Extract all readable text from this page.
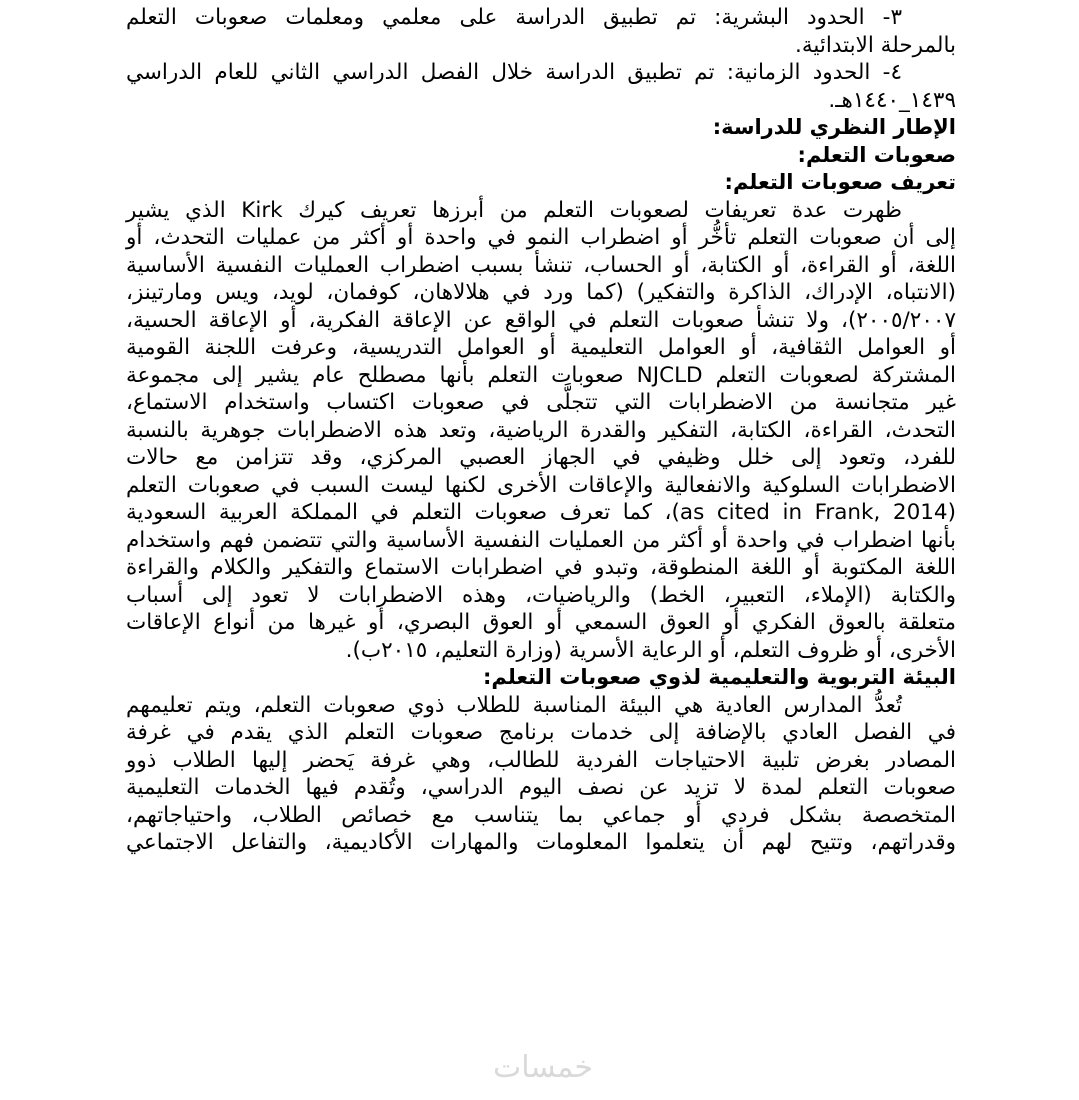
٣- الحدود البشرية: تم تطبيق الدراسة على معلمي ومعلمات صعوبات التعلم
بالمرحلة الابتدائية.
٤- الحدود الزمانية: تم تطبيق الدراسة خلال الفصل الدراسي الثاني للعام الدراسي
١٤٣٩_١٤٤٠هـ.
الإطار النظري للدراسة:
صعوبات التعلم:
تعريف صعوبات التعلم:
ظهرت عدة تعريفات لصعوبات التعلم من أبرزها تعريف كيرك Kirk الذي يشير
إلى أن صعوبات التعلم تأخُّر أو اضطراب النمو في واحدة أو أكثر من عمليات التحدث، أو
اللغة، أو القراءة، أو الكتابة، أو الحساب، تنشأ بسبب اضطراب العمليات النفسية الأساسية
(الانتباه، الإدراك، الذاكرة والتفكير) (كما ورد في هلالاهان، كوفمان، لويد، ويس ومارتينز،
٢٠٠٥/٢٠٠٧)، ولا تنشأ صعوبات التعلم في الواقع عن الإعاقة الفكرية، أو الإعاقة الحسية،
أو العوامل الثقافية، أو العوامل التعليمية أو العوامل التدريسية، وعرفت اللجنة القومية
المشتركة لصعوبات التعلم NJCLD صعوبات التعلم بأنها مصطلح عام يشير إلى مجموعة
غير متجانسة من الاضطرابات التي تتجلَّى في صعوبات اكتساب واستخدام الاستماع،
التحدث، القراءة، الكتابة، التفكير والقدرة الرياضية، وتعد هذه الاضطرابات جوهرية بالنسبة
للفرد، وتعود إلى خلل وظيفي في الجهاز العصبي المركزي، وقد تتزامن مع حالات
الاضطرابات السلوكية والانفعالية والإعاقات الأخرى لكنها ليست السبب في صعوبات التعلم
(as cited in Frank, 2014)، كما تعرف صعوبات التعلم في المملكة العربية السعودية
بأنها اضطراب في واحدة أو أكثر من العمليات النفسية الأساسية والتي تتضمن فهم واستخدام
اللغة المكتوبة أو اللغة المنطوقة، وتبدو في اضطرابات الاستماع والتفكير والكلام والقراءة
والكتابة (الإملاء، التعبير، الخط) والرياضيات، وهذه الاضطرابات لا تعود إلى أسباب
متعلقة بالعوق الفكري أو العوق السمعي أو العوق البصري، أو غيرها من أنواع الإعاقات
الأخرى، أو ظروف التعلم، أو الرعاية الأسرية (وزارة التعليم، ٢٠١٥ب).
البيئة التربوية والتعليمية لذوي صعوبات التعلم:
تُعدُّ المدارس العادية هي البيئة المناسبة للطلاب ذوي صعوبات التعلم، ويتم تعليمهم
في الفصل العادي بالإضافة إلى خدمات برنامج صعوبات التعلم الذي يقدم في غرفة
المصادر بغرض تلبية الاحتياجات الفردية للطالب، وهي غرفة يَحضر إليها الطلاب ذوو
صعوبات التعلم لمدة لا تزيد عن نصف اليوم الدراسي، وتُقدم فيها الخدمات التعليمية
المتخصصة بشكل فردي أو جماعي بما يتناسب مع خصائص الطلاب، واحتياجاتهم،
وقدراتهم، وتتيح لهم أن يتعلموا المعلومات والمهارات الأكاديمية، والتفاعل الاجتماعي
خمسات
